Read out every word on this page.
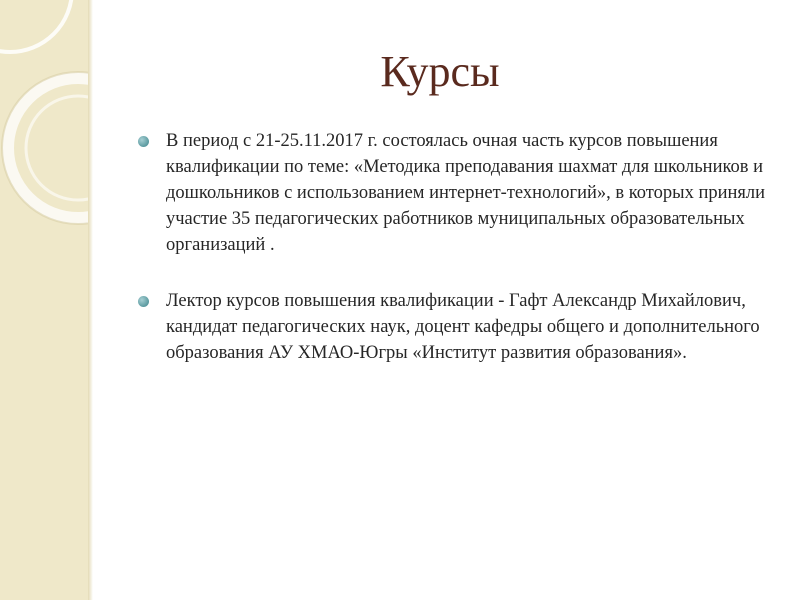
Курсы
В период с 21-25.11.2017 г. состоялась очная часть курсов повышения квалификации по теме: «Методика преподавания шахмат для школьников и дошкольников с использованием интернет-технологий», в которых приняли участие 35 педагогических работников муниципальных образовательных организаций .
Лектор курсов повышения квалификации - Гафт Александр Михайлович, кандидат педагогических наук, доцент кафедры общего и дополнительного образования АУ ХМАО-Югры «Институт развития образования».
